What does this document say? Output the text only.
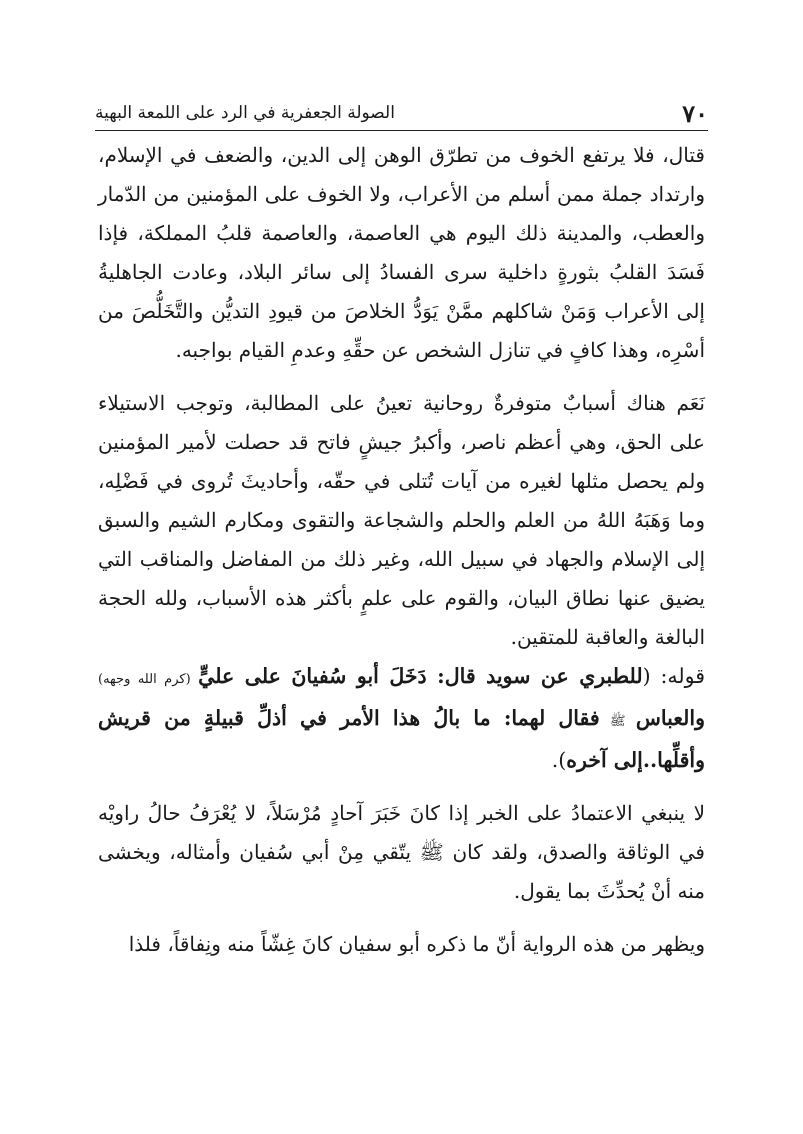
٧٠
الصولة الجعفرية في الرد على اللمعة البهية

قتال، فلا يرتفع الخوف من تطرّق الوهن إلى الدين، والضعف في الإسلام، وارتداد جملة ممن أسلم من الأعراب، ولا الخوف على المؤمنين من الدّمار والعطب، والمدينة ذلك اليوم هي العاصمة، والعاصمة قلبُ المملكة، فإذا فَسَدَ القلبُ بثورةٍ داخلية سرى الفسادُ إلى سائر البلاد، وعادت الجاهليةُ إلى الأعراب وَمَنْ شاكلهم ممَّنْ يَوَدُّ الخلاصَ من قيودِ التديُّن والتَّخَلُّصَ من أسْرِه، وهذا كافٍ في تنازل الشخص عن حقِّهِ وعدمِ القيام بواجبه.

نَعَم هناك أسبابٌ متوفرةٌ روحانية تعينُ على المطالبة، وتوجب الاستيلاء على الحق، وهي أعظم ناصر، وأكبرُ جيشٍ فاتح قد حصلت لأمير المؤمنين ولم يحصل مثلها لغيره من آيات تُتلى في حقّه، وأحاديثَ تُروى في فَضْلِه، وما وَهَبَهُ اللهُ من العلم والحلم والشجاعة والتقوى ومكارم الشيم والسبق إلى الإسلام والجهاد في سبيل الله، وغير ذلك من المفاضل والمناقب التي يضيق عنها نطاق البيان، والقوم على علمٍ بأكثر هذه الأسباب، ولله الحجة البالغة والعاقبة للمتقين.

قوله: (للطبري عن سويد قال: دَخَلَ أبو سُفيانَ على عليٍّ (كرم الله وجهه) والعباس ﷺ فقال لهما: ما بالُ هذا الأمر في أذلِّ قبيلةٍ من قريش وأقلِّها..إلى آخره).

لا ينبغي الاعتمادُ على الخبر إذا كانَ خَبَرَ آحادٍ مُرْسَلاً، لا يُعْرَفُ حالُ راويْه في الوثاقة والصدق، ولقد كان ﷺ يتّقي مِنْ أبي سُفيان وأمثاله، ويخشى منه أنْ يُحدِّثَ بما يقول.

ويظهر من هذه الرواية أنّ ما ذكره أبو سفيان كانَ غِشّاً منه ونِفاقاً، فلذا
